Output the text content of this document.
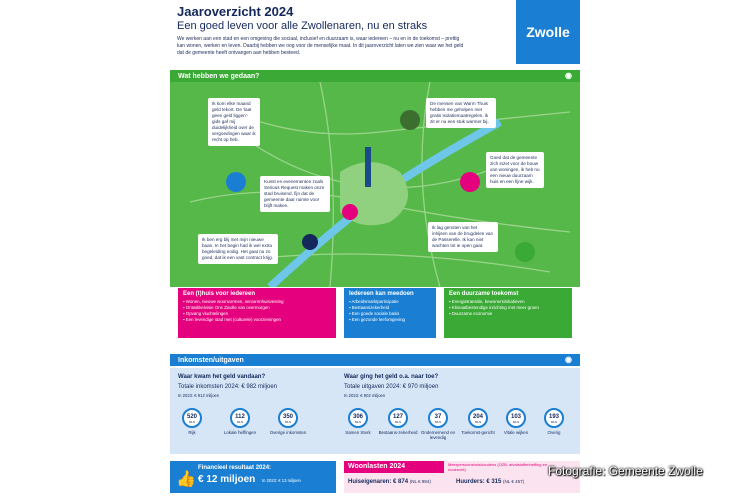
Jaaroverzicht 2024
Een goed leven voor alle Zwollenaren, nu en straks
We werken aan een stad en een omgeving die sociaal, inclusief en duurzaam is, waar iedereen – nu en in de toekomst – prettig kan wonen, werken en leven. Daarbij hebben we oog voor de menselijke maat. In dit jaaroverzicht laten we zien waar we het geld dat de gemeente heeft ontvangen aan hebben besteed.
Zwolle
Wat hebben we gedaan?	◉
Ik kom elke maand geld tekort. De 'laat geen geld liggen'-gids gaf mij duidelijkheid over de vergoedingen waar ik recht op heb.
De mensen van Warm Thuis hebben me geholpen met gratis isolatiemaatregelen, ik zit er nu een stuk warmer bij.
Goed dat de gemeente zich inzet voor de bouw van woningen, ik heb nu een nieuw duurzaam huis en een fijne wijk.
Kunst en evenementen zoals Serious Request maken onze stad bruisend, fijn dat de gemeente daar ruimte voor blijft maken.
Ik ben erg blij met mijn nieuwe baan. In het begin had ik wel extra begeleiding nodig. Het gaat nu zo goed, dat ik een vast contract krijg.
Ik lag genoten van het inhijsen van de brugdelen van de Passerelle. Ik kan niet wachten tot ie open gaat.
Een (t)huis voor iedereen
▪ Wonen, nieuwe woonvormen, seniorenhuisvesting
▪ Ontwikkelvisie Ons Zwolle van overmorgen
▪ Opvang vluchtelingen
▪ Een levendige stad met (culturele) voorzieningen
Iedereen kan meedoen
▪ Arbeidsmarktparticipatie
▪ Bestaanszekerheid
▪ Een goede sociale basis
▪ Een gezonde leefomgeving
Een duurzame toekomst
▪ Energietransitie, bewonersinitiatieven
▪ Klimaatbestendige inrichting met meer groen
▪ Duurzame economie
Inkomsten/uitgaven	◉
Waar kwam het geld vandaan?
Totale inkomsten 2024: € 982 miljoen
In 2023: € 912 miljoen
520
MLN
Rijk
112
MLN
Lokale heffingen
350
MLN
Overige inkomsten
Waar ging het geld o.a. naar toe?
Totale uitgaven 2024: € 970 miljoen
In 2023: € 902 miljoen
306
MLN
Samen Sterk
127
MLN
Bestaans-zekerheid
37
MLN
Ondernemend en levendig
204
MLN
Toekomst-gericht
103
MLN
Vitale wijken
193
MLN
Overig
👍
Financieel resultaat 2024:
€ 12 miljoen In 2023: € 13 miljoen
Woonlasten 2024	Meerpersoonshuishoudens (OZB, afvalstoffenheffing en rioolrecht)
Huiseigenaren: € 874 (NL € 994)	Huurders: € 315 (NL € 457)
Fotografie: Gemeente Zwolle
